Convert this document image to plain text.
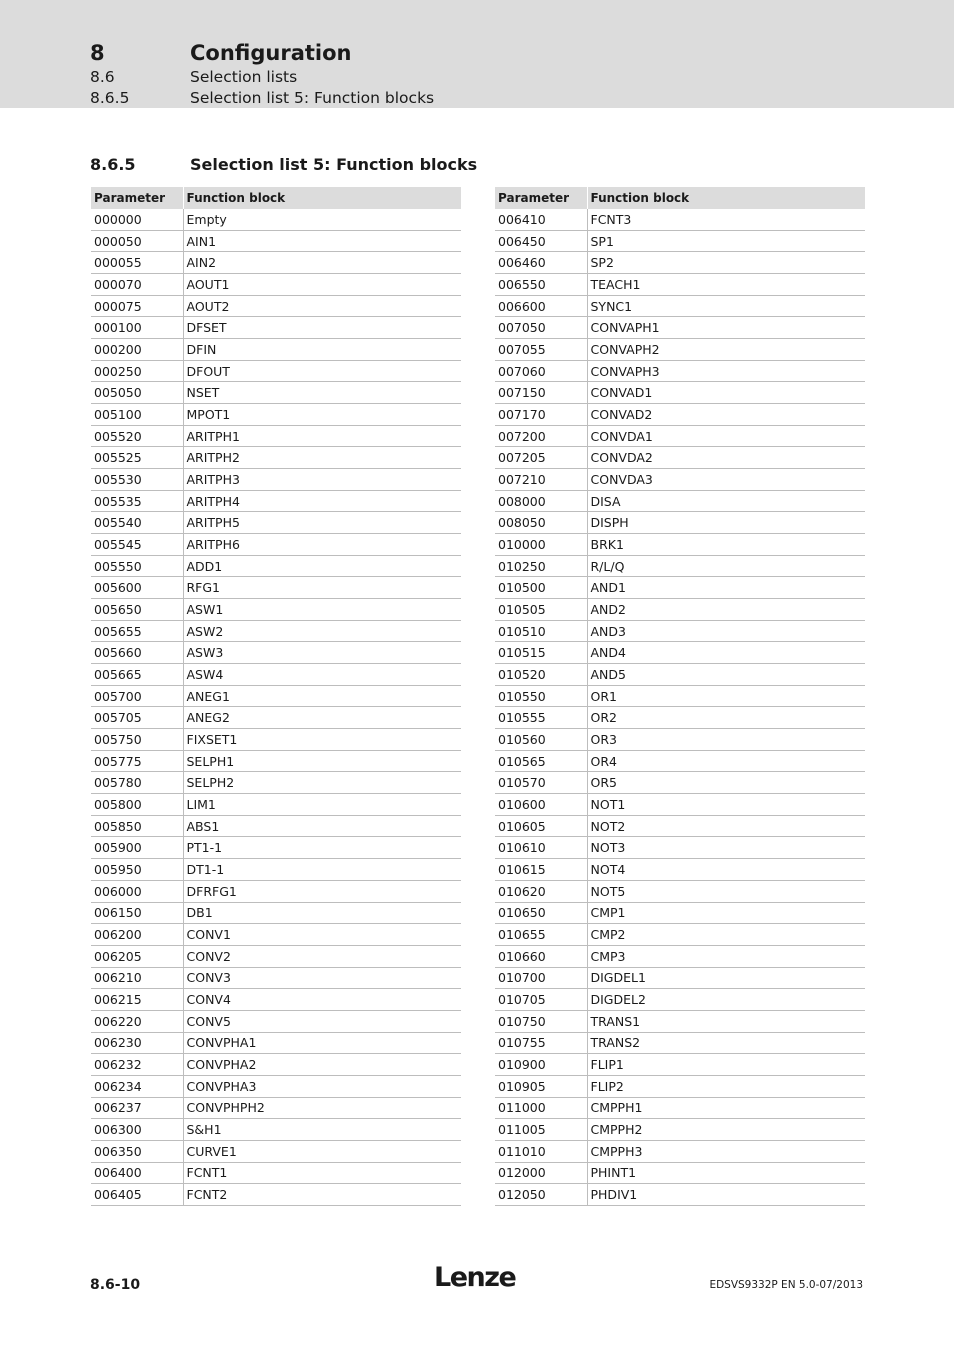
8	Configuration
8.6	Selection lists
8.6.5	Selection list 5: Function blocks
8.6.5	Selection list 5: Function blocks
Parameter	Function block
000000	Empty
000050	AIN1
000055	AIN2
000070	AOUT1
000075	AOUT2
000100	DFSET
000200	DFIN
000250	DFOUT
005050	NSET
005100	MPOT1
005520	ARITPH1
005525	ARITPH2
005530	ARITPH3
005535	ARITPH4
005540	ARITPH5
005545	ARITPH6
005550	ADD1
005600	RFG1
005650	ASW1
005655	ASW2
005660	ASW3
005665	ASW4
005700	ANEG1
005705	ANEG2
005750	FIXSET1
005775	SELPH1
005780	SELPH2
005800	LIM1
005850	ABS1
005900	PT1-1
005950	DT1-1
006000	DFRFG1
006150	DB1
006200	CONV1
006205	CONV2
006210	CONV3
006215	CONV4
006220	CONV5
006230	CONVPHA1
006232	CONVPHA2
006234	CONVPHA3
006237	CONVPHPH2
006300	S&H1
006350	CURVE1
006400	FCNT1
006405	FCNT2
Parameter	Function block
006410	FCNT3
006450	SP1
006460	SP2
006550	TEACH1
006600	SYNC1
007050	CONVAPH1
007055	CONVAPH2
007060	CONVAPH3
007150	CONVAD1
007170	CONVAD2
007200	CONVDA1
007205	CONVDA2
007210	CONVDA3
008000	DISA
008050	DISPH
010000	BRK1
010250	R/L/Q
010500	AND1
010505	AND2
010510	AND3
010515	AND4
010520	AND5
010550	OR1
010555	OR2
010560	OR3
010565	OR4
010570	OR5
010600	NOT1
010605	NOT2
010610	NOT3
010615	NOT4
010620	NOT5
010650	CMP1
010655	CMP2
010660	CMP3
010700	DIGDEL1
010705	DIGDEL2
010750	TRANS1
010755	TRANS2
010900	FLIP1
010905	FLIP2
011000	CMPPH1
011005	CMPPH2
011010	CMPPH3
012000	PHINT1
012050	PHDIV1
8.6-10	Lenze	EDSVS9332P EN 5.0-07/2013
